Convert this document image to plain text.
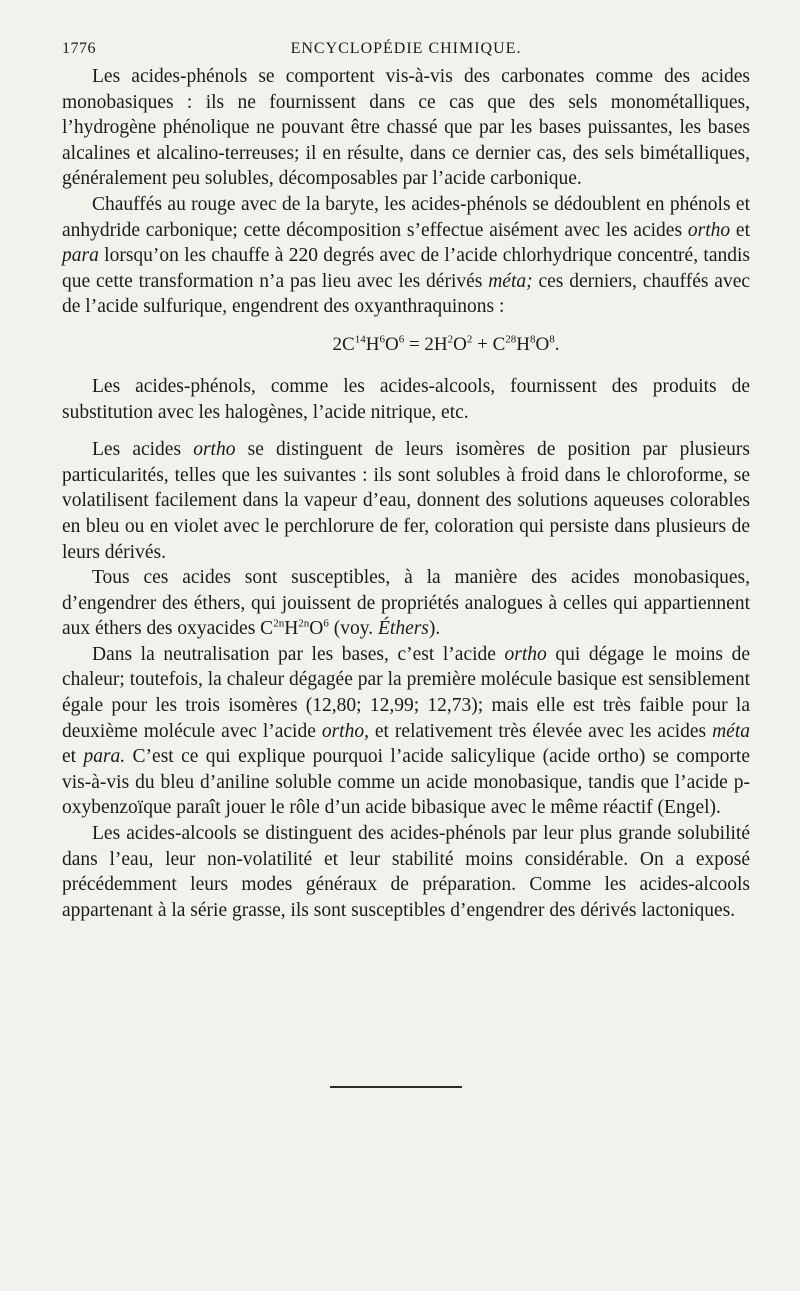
1776	ENCYCLOPÉDIE CHIMIQUE.

Les acides-phénols se comportent vis-à-vis des carbonates comme des acides monobasiques : ils ne fournissent dans ce cas que des sels monométalliques, l’hydrogène phénolique ne pouvant être chassé que par les bases puissantes, les bases alcalines et alcalino-terreuses; il en résulte, dans ce dernier cas, des sels bimétalliques, généralement peu solubles, décomposables par l’acide carbonique.

Chauffés au rouge avec de la baryte, les acides-phénols se dédoublent en phénols et anhydride carbonique; cette décomposition s’effectue aisément avec les acides ortho et para lorsqu’on les chauffe à 220 degrés avec de l’acide chlorhydrique concentré, tandis que cette transformation n’a pas lieu avec les dérivés méta; ces derniers, chauffés avec de l’acide sulfurique, engendrent des oxyanthraquinons :

$2C^{14}H^6O^6 = 2H^2O^2 + C^{28}H^8O^8$.

Les acides-phénols, comme les acides-alcools, fournissent des produits de substitution avec les halogènes, l’acide nitrique, etc.

Les acides ortho se distinguent de leurs isomères de position par plusieurs particularités, telles que les suivantes : ils sont solubles à froid dans le chloroforme, se volatilisent facilement dans la vapeur d’eau, donnent des solutions aqueuses colorables en bleu ou en violet avec le perchlorure de fer, coloration qui persiste dans plusieurs de leurs dérivés.

Tous ces acides sont susceptibles, à la manière des acides monobasiques, d’engendrer des éthers, qui jouissent de propriétés analogues à celles qui appartiennent aux éthers des oxyacides $C^{2n}H^{2n}O^6$ (voy. Éthers).

Dans la neutralisation par les bases, c’est l’acide ortho qui dégage le moins de chaleur; toutefois, la chaleur dégagée par la première molécule basique est sensiblement égale pour les trois isomères (12,80; 12,99; 12,73); mais elle est très faible pour la deuxième molécule avec l’acide ortho, et relativement très élevée avec les acides méta et para. C’est ce qui explique pourquoi l’acide salicylique (acide ortho) se comporte vis-à-vis du bleu d’aniline soluble comme un acide monobasique, tandis que l’acide p-oxybenzoïque paraît jouer le rôle d’un acide bibasique avec le même réactif (Engel).

Les acides-alcools se distinguent des acides-phénols par leur plus grande solubilité dans l’eau, leur non-volatilité et leur stabilité moins considérable. On a exposé précédemment leurs modes généraux de préparation. Comme les acides-alcools appartenant à la série grasse, ils sont susceptibles d’engendrer des dérivés lactoniques.
